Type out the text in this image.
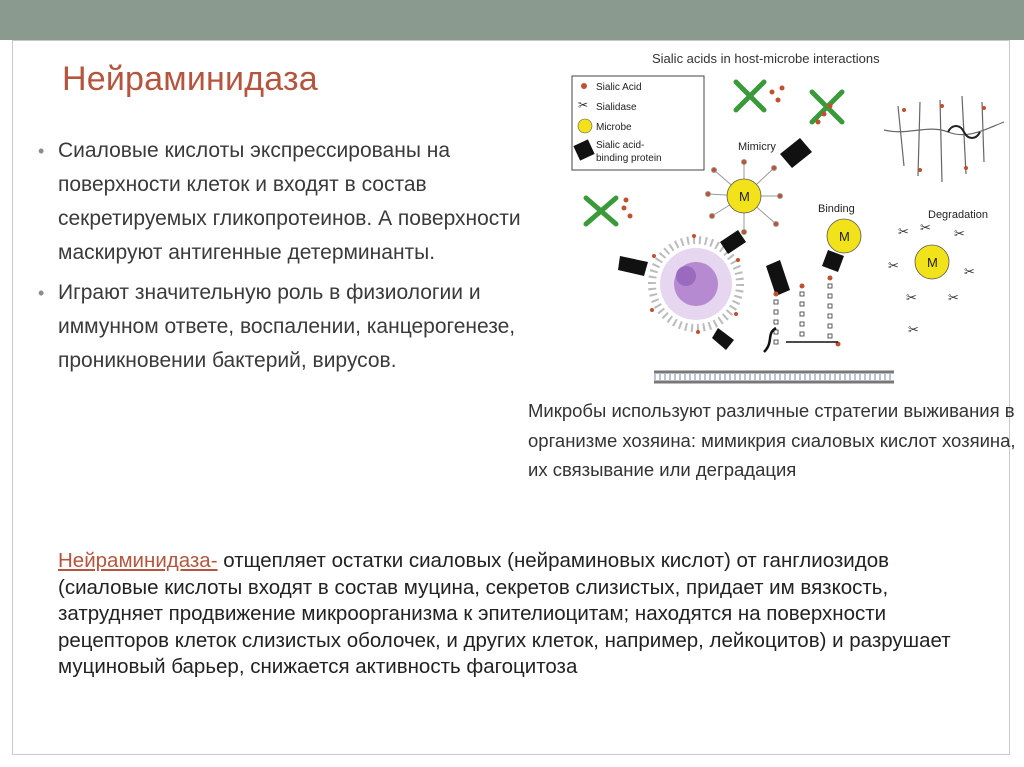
Нейраминидаза
• Сиаловые кислоты экспрессированы на поверхности клеток и входят в состав секретируемых гликопротеинов. А поверхности маскируют антигенные детерминанты.
• Играют значительную роль в физиологии и иммунном ответе, воспалении, канцерогенезе, проникновении бактерий, вирусов.
Sialic acids in host-microbe interactions
Sialic Acid
✂ Sialidase
Microbe
Sialic acid-
binding protein
M
Mimicry
Binding
M
Degradation
M
✂	✂
✂	✂
✂ ✂
✂
✂
Микробы используют различные стратегии выживания в организме хозяина: мимикрия сиаловых кислот хозяина, их связывание или деградация
Нейраминидаза- отщепляет остатки сиаловых (нейраминовых кислот) от ганглиозидов (сиаловые кислоты входят в состав муцина, секретов слизистых, придает им вязкость, затрудняет продвижение микроорганизма к эпителиоцитам; находятся на поверхности рецепторов клеток слизистых оболочек, и других клеток, например, лейкоцитов) и разрушает муциновый барьер, снижается активность фагоцитоза
